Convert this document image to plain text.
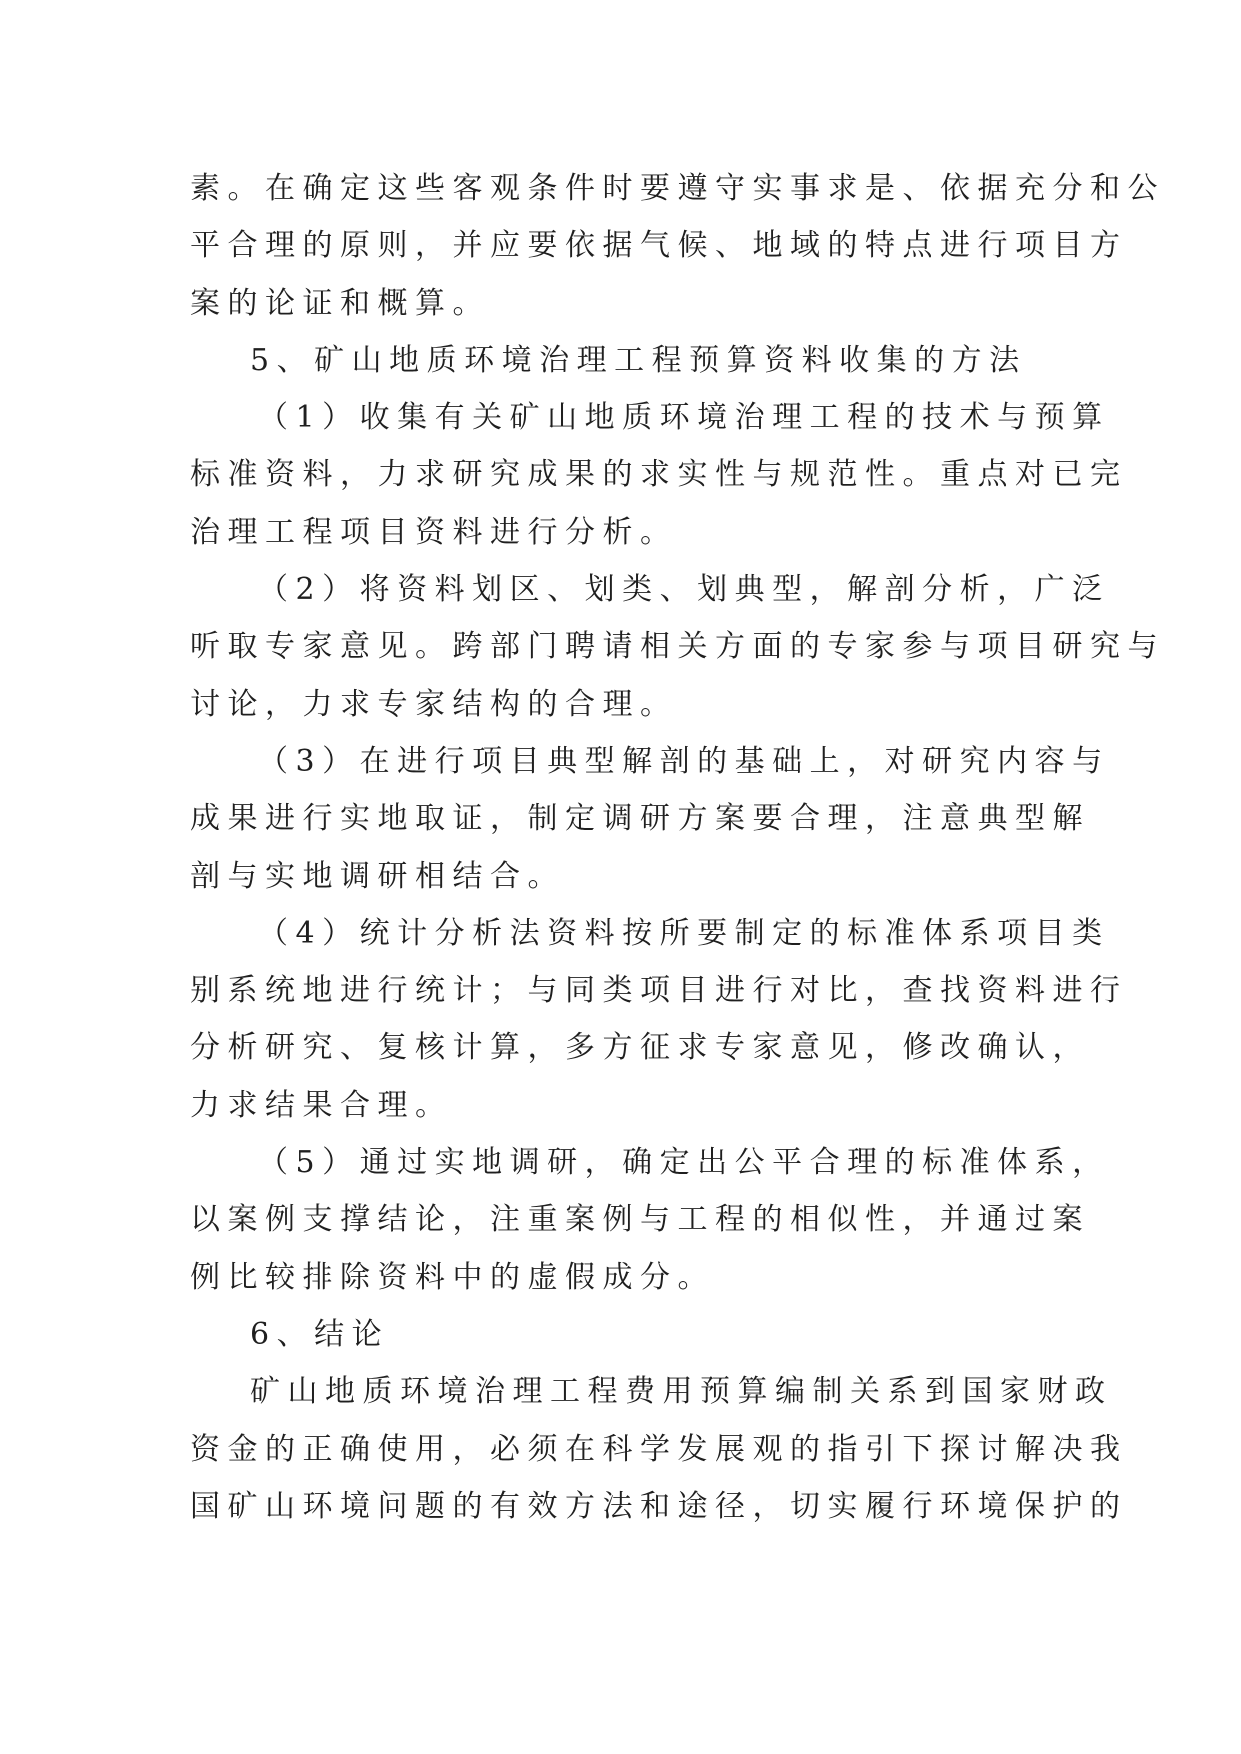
素。在确定这些客观条件时要遵守实事求是、依据充分和公
平合理的原则，并应要依据气候、地域的特点进行项目方
案的论证和概算。
5、矿山地质环境治理工程预算资料收集的方法
（1）收集有关矿山地质环境治理工程的技术与预算
标准资料，力求研究成果的求实性与规范性。重点对已完
治理工程项目资料进行分析。
（2）将资料划区、划类、划典型，解剖分析，广泛
听取专家意见。跨部门聘请相关方面的专家参与项目研究与
讨论，力求专家结构的合理。
（3）在进行项目典型解剖的基础上，对研究内容与
成果进行实地取证，制定调研方案要合理，注意典型解
剖与实地调研相结合。
（4）统计分析法资料按所要制定的标准体系项目类
别系统地进行统计；与同类项目进行对比，查找资料进行
分析研究、复核计算，多方征求专家意见，修改确认，
力求结果合理。
（5）通过实地调研，确定出公平合理的标准体系，
以案例支撑结论，注重案例与工程的相似性，并通过案
例比较排除资料中的虚假成分。
6、结论
矿山地质环境治理工程费用预算编制关系到国家财政
资金的正确使用，必须在科学发展观的指引下探讨解决我
国矿山环境问题的有效方法和途径，切实履行环境保护的
